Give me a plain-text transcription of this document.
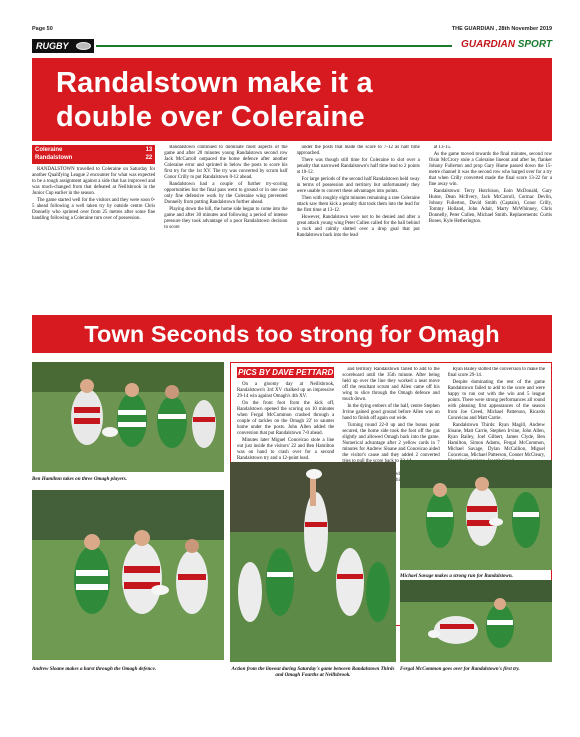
Page 50	THE GUARDIAN , 28th November 2019
RUGBY	GUARDIAN SPORT
Randalstown make it a
double over Coleraine
Coleraine	13
Randalstown	22

RANDALSTOWN travelled to Coleraine on Saturday for another Qualifying League 2 encounter for what was expected to be a tough assignment against a side that has improved and was much-changed from that defeated at Neillsbrook in the Junior Cup earlier in the season.

The game started well for the visitors and they were soon 0-5 ahead following a well taken try by outside centre Chris Donnelly who sprinted over from 25 metres after some fine handling following a Coleraine turn over of possession.

Randalstown continued to dominate most aspects of the game and after 20 minutes young Randalstown second row Jack McCarroll outpaced the home defence after another Coleraine error and sprinted in below the posts to score his first try for the 1st XV. The try was converted by scrum half Conor Crilly to put Randalstown 0-12 ahead.

Randalstown had a couple of further try-scoring opportunities but the final pass went to ground or in one case only fine defensive work by the Coleraine wing prevented Donnelly from putting Randalstown further ahead.

Playing down the hill, the home side began to come into the game and after 30 minutes and following a period of intense pressure they took advantage of a poor Randalstown decision to score

under the posts that made the score to 7-12 as half time approached.

There was though still time for Coleraine to slot over a penalty that narrowed Randalstown's half time lead to 2 points at 10-12.

For large periods of the second half Randalstown held sway in terms of possession and territory but unfortunately they were unable to convert these advantages into points.

Then with roughly eight minutes remaining a rare Coleraine attack saw them kick a penalty that took them into the lead for the first time at 13-12.

However, Randalstown were not to be denied and after a great attack young wing Peter Cullen called for the ball behind a ruck and calmly slotted over a drop goal that put Randalstown back into the lead

at 13-15.

As the game moved towards the final minutes, second row Oisin McCrory stole a Coleraine lineout and after he, flanker Johnny Fullerton and prop Gary Hume passed down the 15-metre channel it was the second row who barged over for a try that when Crilly converted made the final score 13-22 for a fine away win.

Randalstown: Terry Hutchison, Eoin McDonald, Gary Hume, Dean McIlvery, Jack McCarroll, Cormac Devlin, Johnny Fullerton, David Smith (Captain), Conor Crilly, Tommy Holland, John Adair, Marty McWhinney, Chris Donnelly, Peter Cullen, Michael Smith. Replacements: Curtis Bones, Kyle Hetherington.

Town Seconds too strong for Omagh
Ben Hamilton takes on three Omagh players.
Andrew Sloane makes a burst through the Omagh defence.
PICS BY DAVE PETTARD

On a gloomy day at Neillsbrook, Randalstown's 3rd XV chalked up an impressive 29-14 win against Omagh's 4th XV.

On the front foot from the kick off, Randalstown opened the scoring on 10 minutes when Fergal McCommon crashed through a couple of tackles on the Omagh 22' to saunter home under the posts. John Allen added the conversion that put Randalstown 7-0 ahead.

Minutes later Miguel Conceicao stole a line out just inside the visitors' 22 and Ben Hamilton was on hand to crash over for a second Randalstown try and a 12-point lead.

and territory Randalstown failed to add to the scoreboard until the 35th minute. After being held up over the line they worked a neat move off the resultant scrum and Allen came off his wing to slice through the Omagh defence and touch down.

In the dying embers of the half, centre Stephen Irvine gained good ground before Allen was on hand to finish off again out wide.

Turning round 22-0 up and the bonus point secured, the home side took the foot off the gas slightly and allowed Omagh back into the game. Numerical advantage after 2 yellow cards in 7 minutes for Andrew Sloane and Conceicao aided the visitor's cause and they added 2 converted to

his

Ryan Bailey slotted the conversion to make the final score 29-14.

Despite dominating the rest of the game Randalstown failed to add to the score and were happy to run out with the win and 5 league points. There were strong performances all round with pleasing first appearances of the season from Joe Creed, Michael Patterson, Ricardo Conceicao and Matt Carrie.

Randalstown Thirds: Ryan Magill, Andrew Sloane, Matt Carrie, Stephen Irvine, John Allen, Ryan Bailey, Joel Gilbert, James Clyde, Ben Hamilton, Simon Adams, Fergal McCommon, Michael Savage, Dylan McCallion, Miguel Conceicao, Michael Patterson, Conner McCleary,

Michael Savage makes a strong run for Randalstown.
Action from the lineout during Saturday's game between Randalstown Thirds and Omagh Fourths at Neillsbrook.
Fergal McCommon goes over for Randalstown's first try.
